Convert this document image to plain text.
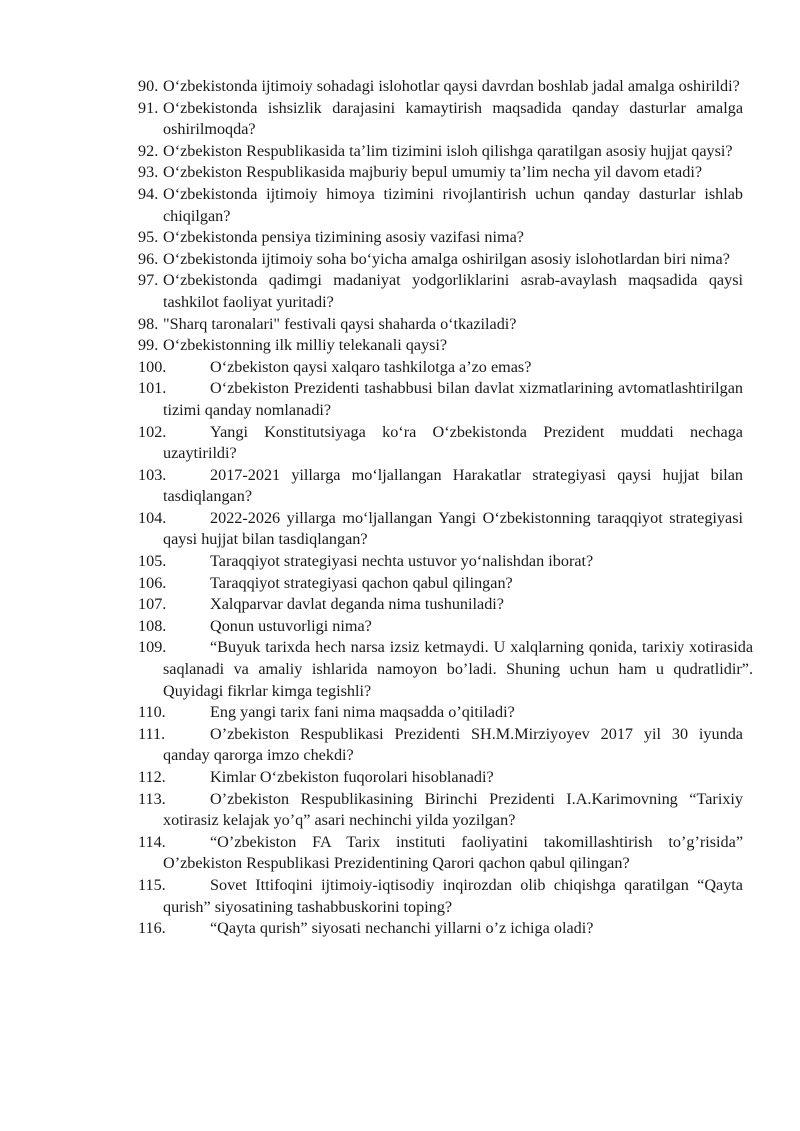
90. O‘zbekistonda ijtimoiy sohadagi islohotlar qaysi davrdan boshlab jadal amalga oshirildi?
91. O‘zbekistonda ishsizlik darajasini kamaytirish maqsadida qanday dasturlar amalga oshirilmoqda?
92. O‘zbekiston Respublikasida ta’lim tizimini isloh qilishga qaratilgan asosiy hujjat qaysi?
93. O‘zbekiston Respublikasida majburiy bepul umumiy ta’lim necha yil davom etadi?
94. O‘zbekistonda ijtimoiy himoya tizimini rivojlantirish uchun qanday dasturlar ishlab chiqilgan?
95. O‘zbekistonda pensiya tizimining asosiy vazifasi nima?
96. O‘zbekistonda ijtimoiy soha bo‘yicha amalga oshirilgan asosiy islohotlardan biri nima?
97. O‘zbekistonda qadimgi madaniyat yodgorliklarini asrab-avaylash maqsadida qaysi tashkilot faoliyat yuritadi?
98. "Sharq taronalari" festivali qaysi shaharda o‘tkaziladi?
99. O‘zbekistonning ilk milliy telekanali qaysi?
100.	O‘zbekiston qaysi xalqaro tashkilotga a’zo emas?
101.	O‘zbekiston Prezidenti tashabbusi bilan davlat xizmatlarining avtomatlashtirilgan tizimi qanday nomlanadi?
102.	Yangi Konstitutsiyaga ko‘ra O‘zbekistonda Prezident muddati nechaga uzaytirildi?
103.	2017-2021 yillarga mo‘ljallangan Harakatlar strategiyasi qaysi hujjat bilan tasdiqlangan?
104.	2022-2026 yillarga mo‘ljallangan Yangi O‘zbekistonning taraqqiyot strategiyasi qaysi hujjat bilan tasdiqlangan?
105.	Taraqqiyot strategiyasi nechta ustuvor yo‘nalishdan iborat?
106.	Taraqqiyot strategiyasi qachon qabul qilingan?
107.	Xalqparvar davlat deganda nima tushuniladi?
108.	Qonun ustuvorligi nima?
109.	“Buyuk tarixda hech narsa izsiz ketmaydi. U xalqlarning qonida, tarixiy xotirasida saqlanadi va amaliy ishlarida namoyon bo’ladi. Shuning uchun ham u qudratlidir”. Quyidagi fikrlar kimga tegishli?
110.	Eng yangi tarix fani nima maqsadda o’qitiladi?
111.	O’zbekiston Respublikasi Prezidenti SH.M.Mirziyoyev 2017 yil 30 iyunda qanday qarorga imzo chekdi?
112.	Kimlar O‘zbekiston fuqorolari hisoblanadi?
113.	O’zbekiston Respublikasining Birinchi Prezidenti I.A.Karimovning “Tarixiy xotirasiz kelajak yo’q” asari nechinchi yilda yozilgan?
114.	“O’zbekiston FA Tarix instituti faoliyatini takomillashtirish to’g’risida” O’zbekiston Respublikasi Prezidentining Qarori qachon qabul qilingan?
115.	Sovet Ittifoqini ijtimoiy-iqtisodiy inqirozdan olib chiqishga qaratilgan “Qayta qurish” siyosatining tashabbuskorini toping?
116.	“Qayta qurish” siyosati nechanchi yillarni o’z ichiga oladi?
